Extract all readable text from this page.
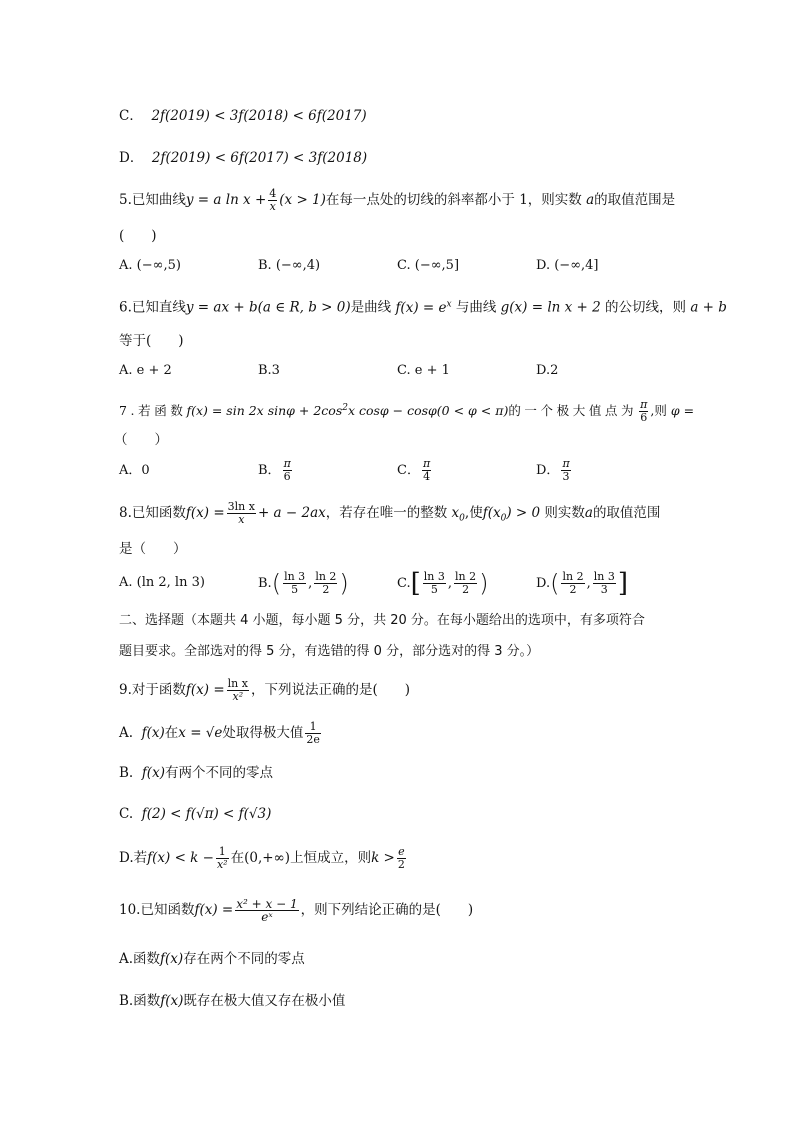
C． 2f(2019) < 3f(2018) < 6f(2017)
D． 2f(2019) < 6f(2017) < 3f(2018)
5.已知曲线y = a $\ln x + \frac{4}{x} (x > 1)$在每一点处的切线的斜率都小于 1，则实数 a的取值范围是
(　　)
A. (−∞,5)	B. (−∞,4)	C. (−∞,5]	D. (−∞,4]
6.已知直线y = ax + b(a ∈ R, b > 0)是曲线 $f(x) = e^x$ 与曲线 g(x) = ln x + 2 的公切线，则 a + b
等于(　　)
A. e + 2	B.3	C. e + 1	D.2
7.若函数f(x) = sin 2x $\sin\varphi + 2\cos^2x$ cosφ − cosφ(0 < φ < π)的一个极大值点为 $\frac{\pi}{6}$ ,则 φ =
（　　）
A．0	B． $\frac{\pi}{6}$	C． $\frac{\pi}{4}$	D． $\frac{\pi}{3}$
8.已知函数$f(x) = \frac{\text{3ln x}}{x} + a - 2ax$，若存在唯一的整数 $x_0$,使$f(x_0) > 0$ 则实数a的取值范围
是（　　）
A. (ln 2, ln 3)	$B.( \frac{\ln 3}{5}$ , $\frac{\ln 2}{2}$ )	$C.[ \frac{\ln 3}{5}$ , $\frac{\ln 2}{2}$ )	$D.( \frac{\ln 2}{2}$ , $\frac{\ln 3}{3}$ ]
二、选择题（本题共 4 小题，每小题 5 分，共 20 分。在每小题给出的选项中，有多项符合
题目要求。全部选对的得 5 分，有选错的得 0 分，部分选对的得 3 分。）
9.对于函数$f(x) = \frac{\text{ln x}}{\text{x²}}$ ，下列说法正确的是(　　)
A. f(x)在x = √e处取得极大值 $\frac{1}{2e}$
B. f(x)有两个不同的零点
C. f(2) < f(√π) < f(√3)
D.若$f(x) < k - \frac{1}{\text{x²}}$ 在(0,+∞)上恒成立，则$k > \frac{e}{2}$
10.已知函数$f(x) = \frac{\text{x² + x − 1}}{\text{eˣ}}$ ，则下列结论正确的是(　　)
A.函数f(x)存在两个不同的零点
B.函数f(x)既存在极大值又存在极小值
